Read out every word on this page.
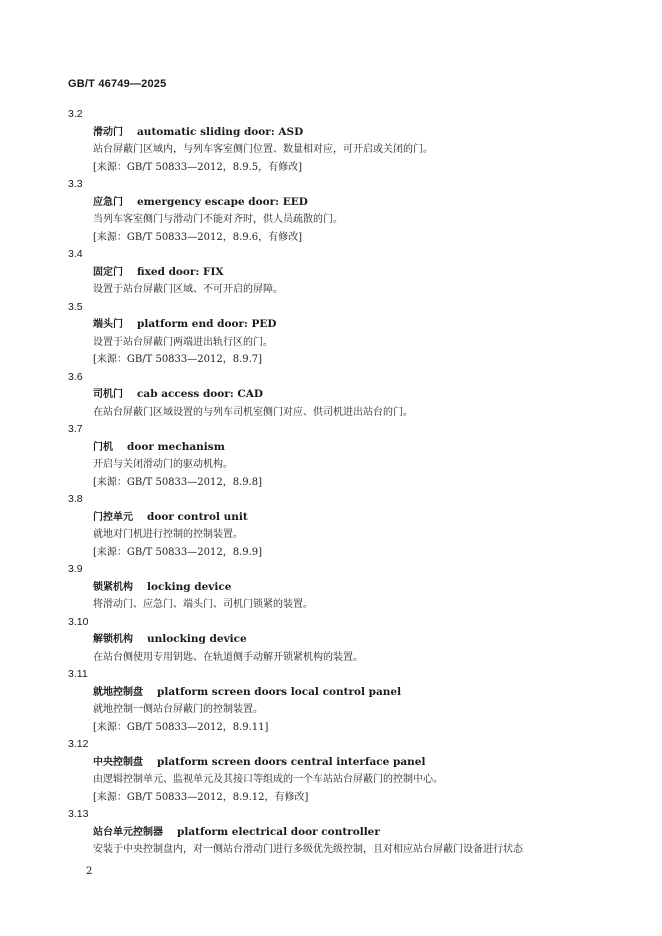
GB/T 46749—2025
3.2
滑动门 automatic sliding door: ASD
站台屏蔽门区域内，与列车客室侧门位置、数量相对应，可开启或关闭的门。
[来源：GB/T 50833—2012，8.9.5，有修改]
3.3
应急门 emergency escape door: EED
当列车客室侧门与滑动门不能对齐时，供人员疏散的门。
[来源：GB/T 50833—2012，8.9.6，有修改]
3.4
固定门 fixed door: FIX
设置于站台屏蔽门区域、不可开启的屏障。
3.5
端头门 platform end door: PED
设置于站台屏蔽门两端进出轨行区的门。
[来源：GB/T 50833—2012，8.9.7]
3.6
司机门 cab access door: CAD
在站台屏蔽门区域设置的与列车司机室侧门对应、供司机进出站台的门。
3.7
门机 door mechanism
开启与关闭滑动门的驱动机构。
[来源：GB/T 50833—2012，8.9.8]
3.8
门控单元 door control unit
就地对门机进行控制的控制装置。
[来源：GB/T 50833—2012，8.9.9]
3.9
锁紧机构 locking device
将滑动门、应急门、端头门、司机门锁紧的装置。
3.10
解锁机构 unlocking device
在站台侧使用专用钥匙、在轨道侧手动解开锁紧机构的装置。
3.11
就地控制盘 platform screen doors local control panel
就地控制一侧站台屏蔽门的控制装置。
[来源：GB/T 50833—2012，8.9.11]
3.12
中央控制盘 platform screen doors central interface panel
由逻辑控制单元、监视单元及其接口等组成的一个车站站台屏蔽门的控制中心。
[来源：GB/T 50833—2012，8.9.12，有修改]
3.13
站台单元控制器 platform electrical door controller
安装于中央控制盘内，对一侧站台滑动门进行多级优先级控制，且对相应站台屏蔽门设备进行状态
2
